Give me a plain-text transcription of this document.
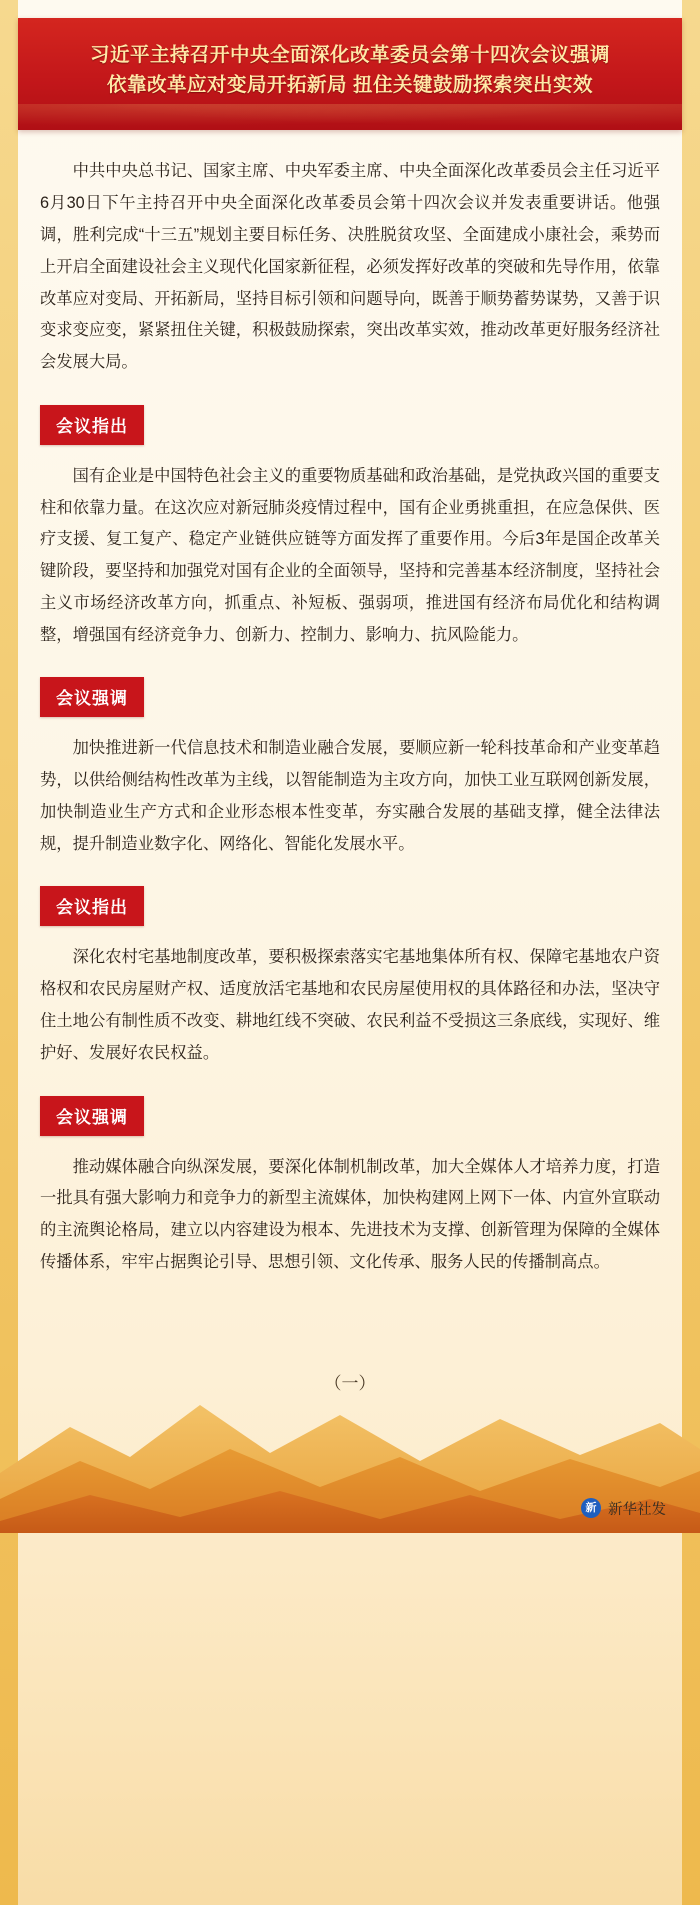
习近平主持召开中央全面深化改革委员会第十四次会议强调
依靠改革应对变局开拓新局 扭住关键鼓励探索突出实效

中共中央总书记、国家主席、中央军委主席、中央全面深化改革委员会主任习近平6月30日下午主持召开中央全面深化改革委员会第十四次会议并发表重要讲话。他强调，胜利完成“十三五”规划主要目标任务、决胜脱贫攻坚、全面建成小康社会，乘势而上开启全面建设社会主义现代化国家新征程，必须发挥好改革的突破和先导作用，依靠改革应对变局、开拓新局，坚持目标引领和问题导向，既善于顺势蓄势谋势，又善于识变求变应变，紧紧扭住关键，积极鼓励探索，突出改革实效，推动改革更好服务经济社会发展大局。

会议指出

国有企业是中国特色社会主义的重要物质基础和政治基础，是党执政兴国的重要支柱和依靠力量。在这次应对新冠肺炎疫情过程中，国有企业勇挑重担，在应急保供、医疗支援、复工复产、稳定产业链供应链等方面发挥了重要作用。今后3年是国企改革关键阶段，要坚持和加强党对国有企业的全面领导，坚持和完善基本经济制度，坚持社会主义市场经济改革方向，抓重点、补短板、强弱项，推进国有经济布局优化和结构调整，增强国有经济竞争力、创新力、控制力、影响力、抗风险能力。

会议强调

加快推进新一代信息技术和制造业融合发展，要顺应新一轮科技革命和产业变革趋势，以供给侧结构性改革为主线，以智能制造为主攻方向，加快工业互联网创新发展，加快制造业生产方式和企业形态根本性变革，夯实融合发展的基础支撑，健全法律法规，提升制造业数字化、网络化、智能化发展水平。

会议指出

深化农村宅基地制度改革，要积极探索落实宅基地集体所有权、保障宅基地农户资格权和农民房屋财产权、适度放活宅基地和农民房屋使用权的具体路径和办法，坚决守住土地公有制性质不改变、耕地红线不突破、农民利益不受损这三条底线，实现好、维护好、发展好农民权益。

会议强调

推动媒体融合向纵深发展，要深化体制机制改革，加大全媒体人才培养力度，打造一批具有强大影响力和竞争力的新型主流媒体，加快构建网上网下一体、内宣外宣联动的主流舆论格局，建立以内容建设为根本、先进技术为支撑、创新管理为保障的全媒体传播体系，牢牢占据舆论引导、思想引领、文化传承、服务人民的传播制高点。

（一）
新 新华社发
